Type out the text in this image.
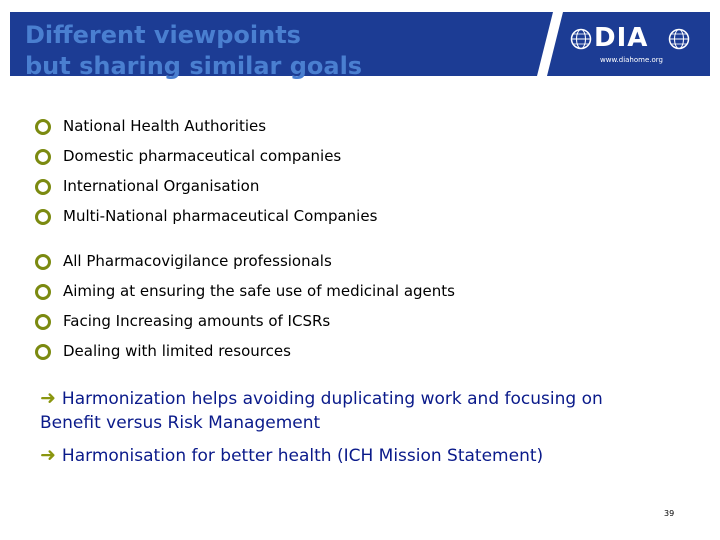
Different viewpoints
but sharing similar goals
DIA
www.diahome.org
National Health Authorities
Domestic pharmaceutical companies
International Organisation
Multi-National pharmaceutical Companies
All Pharmacovigilance professionals
Aiming at ensuring the safe use of medicinal agents
Facing Increasing amounts of ICSRs
Dealing with limited resources

➜ Harmonization helps avoiding duplicating work and focusing on Benefit versus Risk Management

➜ Harmonisation for better health (ICH Mission Statement)

39
